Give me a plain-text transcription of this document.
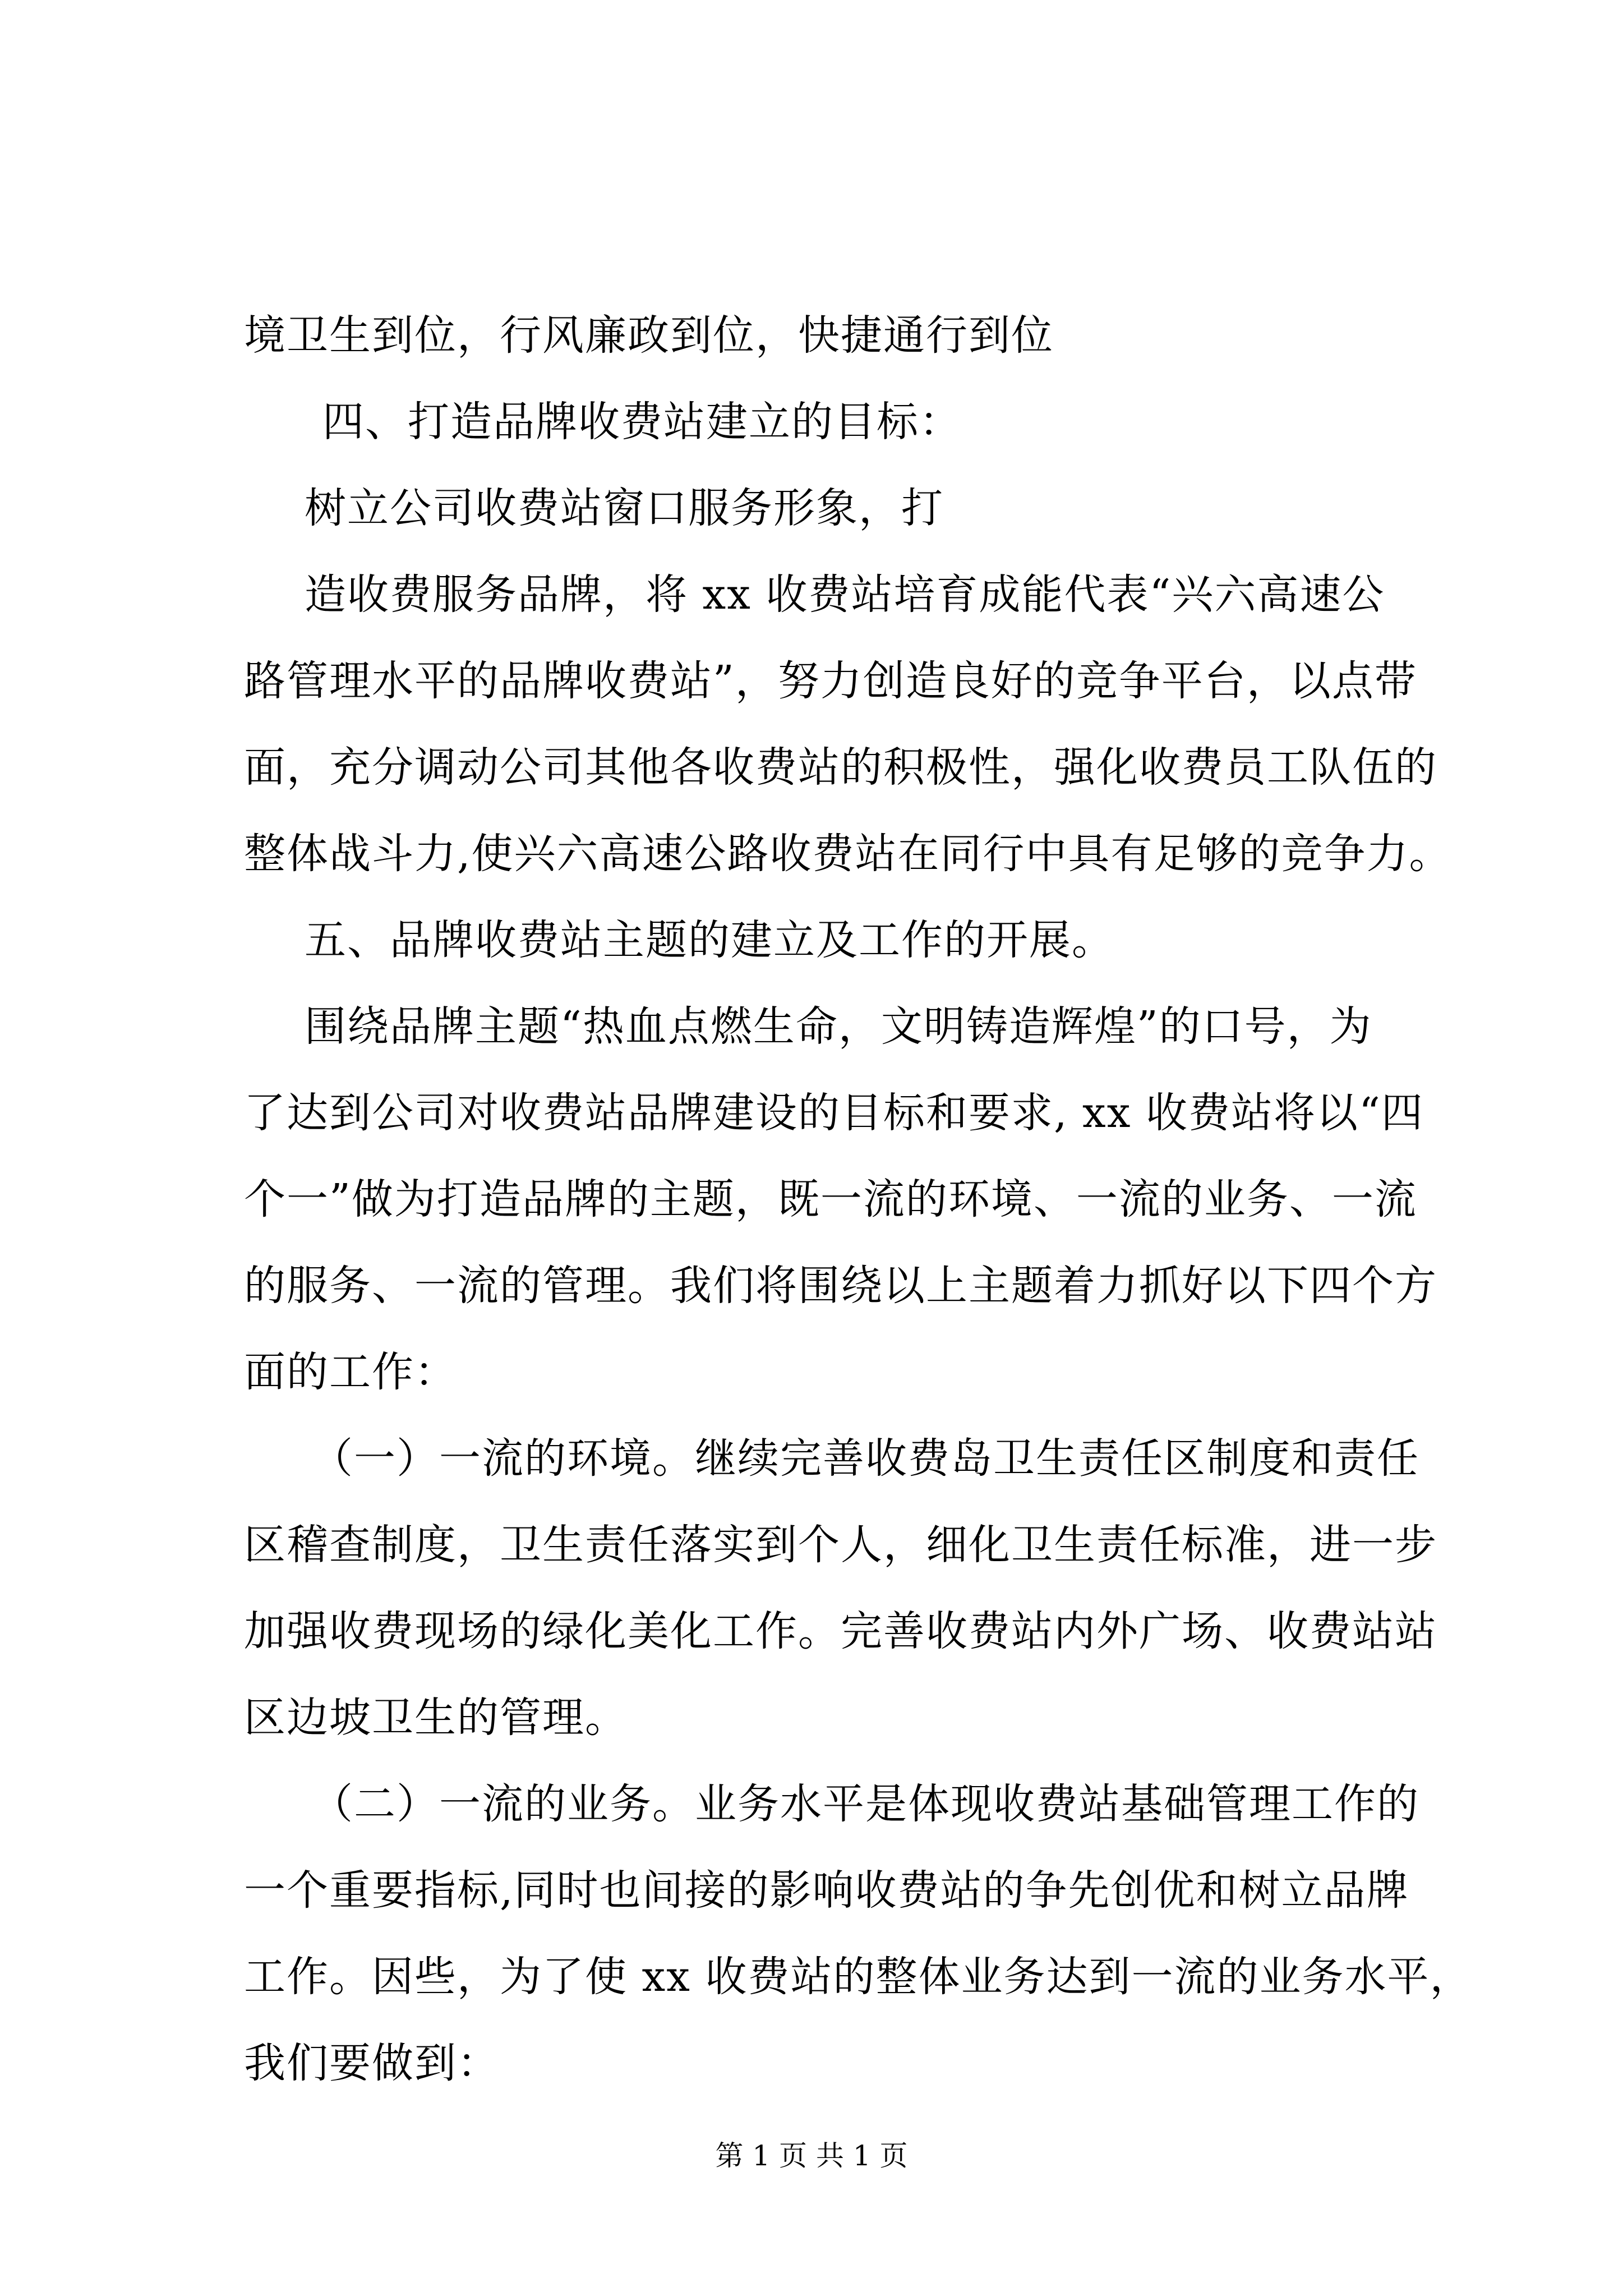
境卫生到位，行风廉政到位，快捷通行到位
四、打造品牌收费站建立的目标：
树立公司收费站窗口服务形象，打
造收费服务品牌，将 xx 收费站培育成能代表“兴六高速公
路管理水平的品牌收费站”，努力创造良好的竞争平台，以点带
面，充分调动公司其他各收费站的积极性，强化收费员工队伍的
整体战斗力,使兴六高速公路收费站在同行中具有足够的竞争力。
五、品牌收费站主题的建立及工作的开展。
围绕品牌主题“热血点燃生命，文明铸造辉煌”的口号，为
了达到公司对收费站品牌建设的目标和要求, xx 收费站将以“四
个一”做为打造品牌的主题，既一流的环境、一流的业务、一流
的服务、一流的管理。我们将围绕以上主题着力抓好以下四个方
面的工作：
（一）一流的环境。继续完善收费岛卫生责任区制度和责任
区稽查制度，卫生责任落实到个人，细化卫生责任标准，进一步
加强收费现场的绿化美化工作。完善收费站内外广场、收费站站
区边坡卫生的管理。
（二）一流的业务。业务水平是体现收费站基础管理工作的
一个重要指标,同时也间接的影响收费站的争先创优和树立品牌
工作。因些，为了使 xx 收费站的整体业务达到一流的业务水平，
我们要做到：
第 1 页 共 1 页
